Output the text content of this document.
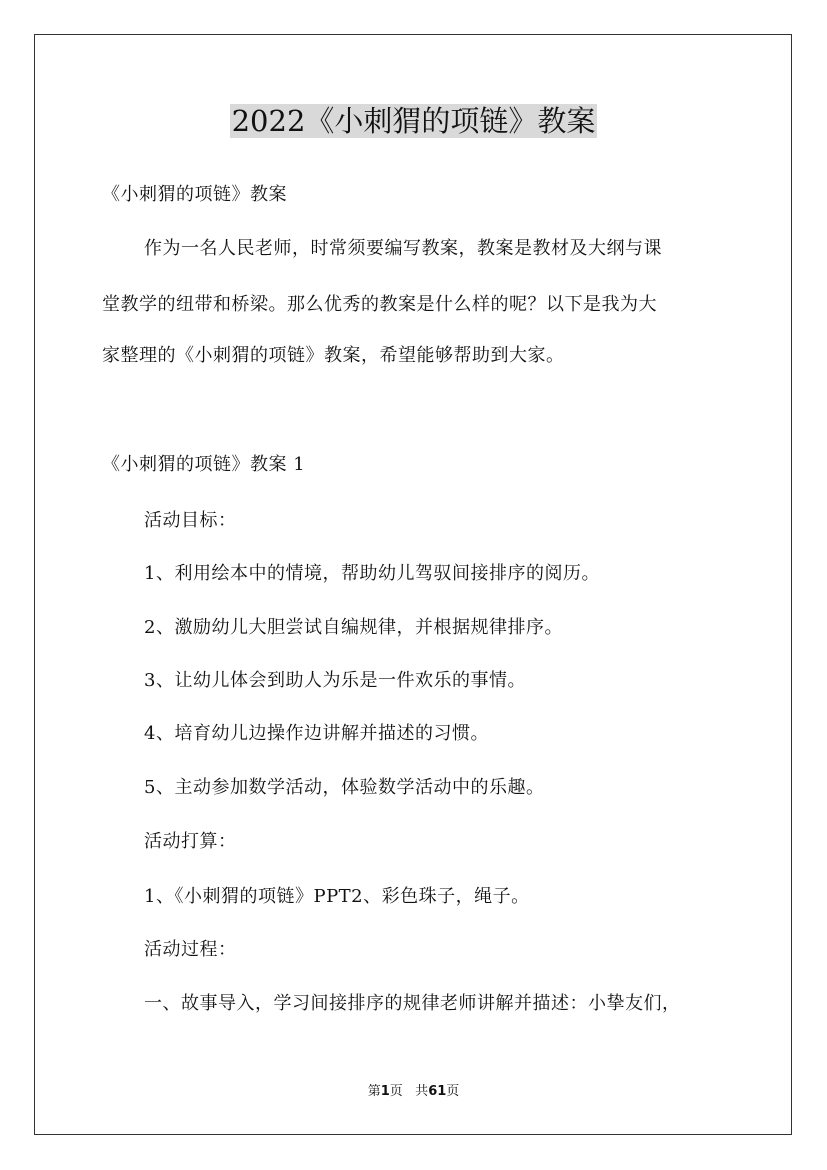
2022《小刺猬的项链》教案
《小刺猬的项链》教案
作为一名人民老师，时常须要编写教案，教案是教材及大纲与课
堂教学的纽带和桥梁。那么优秀的教案是什么样的呢？以下是我为大
家整理的《小刺猬的项链》教案，希望能够帮助到大家。
《小刺猬的项链》教案 1
活动目标：
1、利用绘本中的情境，帮助幼儿驾驭间接排序的阅历。
2、激励幼儿大胆尝试自编规律，并根据规律排序。
3、让幼儿体会到助人为乐是一件欢乐的事情。
4、培育幼儿边操作边讲解并描述的习惯。
5、主动参加数学活动，体验数学活动中的乐趣。
活动打算：
1、《小刺猬的项链》PPT2、彩色珠子，绳子。
活动过程：
一、故事导入，学习间接排序的规律老师讲解并描述：小挚友们，
第1页 共61页
